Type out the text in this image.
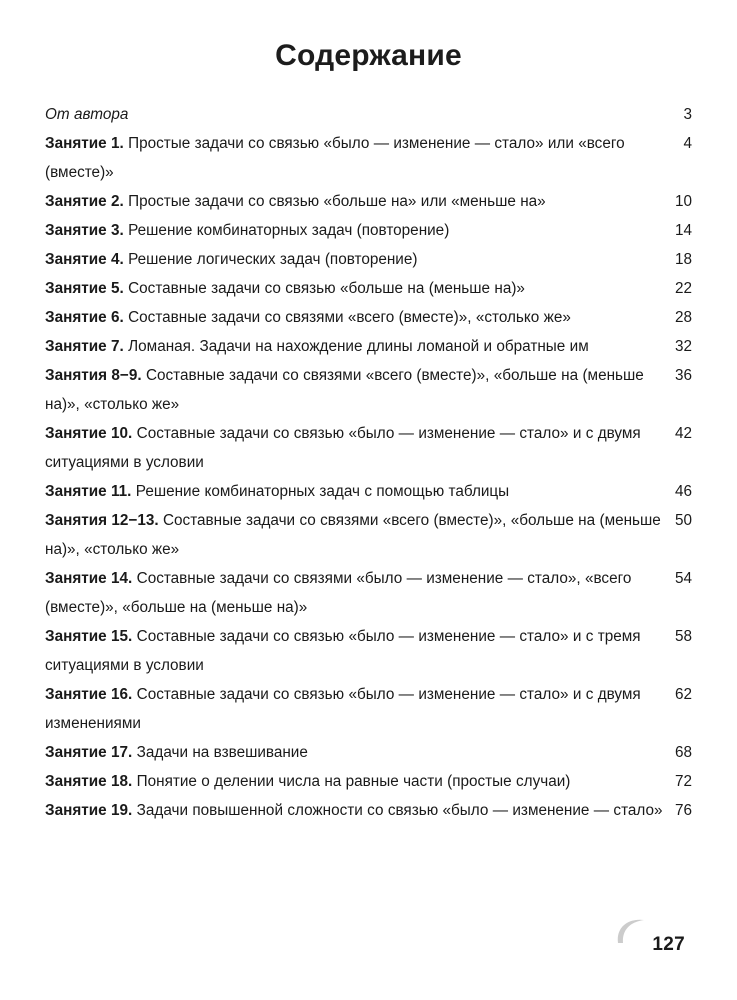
Содержание
3
От автора
4
Занятие 1. Простые задачи со связью «было — изменение — стало» или «всего (вместе)»
10
Занятие 2. Простые задачи со связью «больше на» или «меньше на»
14
Занятие 3. Решение комбинаторных задач (повторение)
18
Занятие 4. Решение логических задач (повторение)
22
Занятие 5. Составные задачи со связью «больше на (меньше на)»
28
Занятие 6. Составные задачи со связями «всего (вместе)», «столько же»
32
Занятие 7. Ломаная. Задачи на нахождение длины ломаной и обратные им
36
Занятия 8−9. Составные задачи со связями «всего (вместе)», «больше на (меньше на)», «столько же»
42
Занятие 10. Составные задачи со связью «было — изменение — стало» и с двумя ситуациями в условии
46
Занятие 11. Решение комбинаторных задач с помощью таблицы
50
Занятия 12−13. Составные задачи со связями «всего (вместе)», «больше на (меньше на)», «столько же»
54
Занятие 14. Составные задачи со связями «было — изменение — стало», «всего (вместе)», «больше на (меньше на)»
58
Занятие 15. Составные задачи со связью «было — изменение — стало» и с тремя ситуациями в условии
62
Занятие 16. Составные задачи со связью «было — изменение — стало» и с двумя изменениями
68
Занятие 17. Задачи на взвешивание
72
Занятие 18. Понятие о делении числа на равные части (простые случаи)
76
Занятие 19. Задачи повышенной сложности со связью «было — изменение — стало»
127
